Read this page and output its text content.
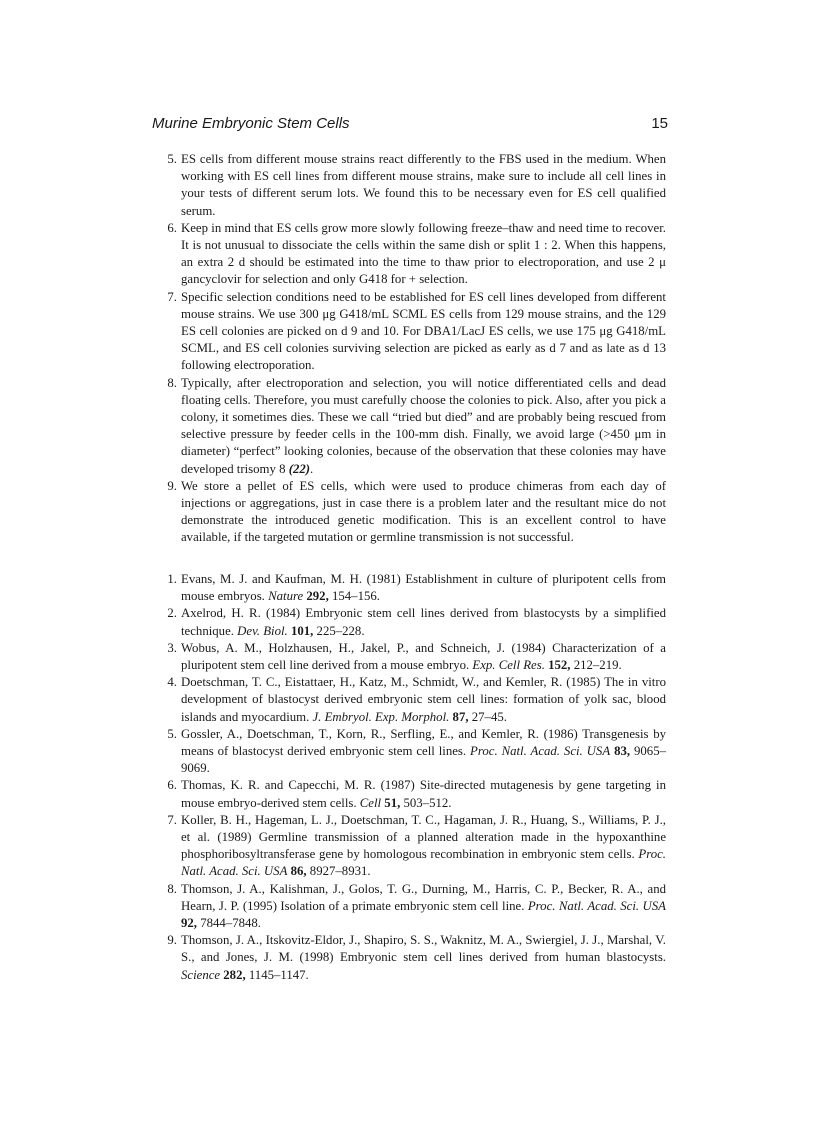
Murine Embryonic Stem Cells	15
5. ES cells from different mouse strains react differently to the FBS used in the medium. When working with ES cell lines from different mouse strains, make sure to include all cell lines in your tests of different serum lots. We found this to be necessary even for ES cell qualified serum.
6. Keep in mind that ES cells grow more slowly following freeze–thaw and need time to recover. It is not unusual to dissociate the cells within the same dish or split 1 : 2. When this happens, an extra 2 d should be estimated into the time to thaw prior to electroporation, and use 2 μ gancyclovir for selection and only G418 for + selection.
7. Specific selection conditions need to be established for ES cell lines developed from different mouse strains. We use 300 μg G418/mL SCML ES cells from 129 mouse strains, and the 129 ES cell colonies are picked on d 9 and 10. For DBA1/LacJ ES cells, we use 175 μg G418/mL SCML, and ES cell colonies surviving selection are picked as early as d 7 and as late as d 13 following electroporation.
8. Typically, after electroporation and selection, you will notice differentiated cells and dead floating cells. Therefore, you must carefully choose the colonies to pick. Also, after you pick a colony, it sometimes dies. These we call “tried but died” and are probably being rescued from selective pressure by feeder cells in the 100-mm dish. Finally, we avoid large (>450 μm in diameter) “perfect” looking colonies, because of the observation that these colonies may have developed trisomy 8 (22).
9. We store a pellet of ES cells, which were used to produce chimeras from each day of injections or aggregations, just in case there is a problem later and the resultant mice do not demonstrate the introduced genetic modification. This is an excellent control to have available, if the targeted mutation or germline transmission is not successful.
1. Evans, M. J. and Kaufman, M. H. (1981) Establishment in culture of pluripotent cells from mouse embryos. Nature 292, 154–156.
2. Axelrod, H. R. (1984) Embryonic stem cell lines derived from blastocysts by a simplified technique. Dev. Biol. 101, 225–228.
3. Wobus, A. M., Holzhausen, H., Jakel, P., and Schneich, J. (1984) Characterization of a pluripotent stem cell line derived from a mouse embryo. Exp. Cell Res. 152, 212–219.
4. Doetschman, T. C., Eistattaer, H., Katz, M., Schmidt, W., and Kemler, R. (1985) The in vitro development of blastocyst derived embryonic stem cell lines: formation of yolk sac, blood islands and myocardium. J. Embryol. Exp. Morphol. 87, 27–45.
5. Gossler, A., Doetschman, T., Korn, R., Serfling, E., and Kemler, R. (1986) Transgenesis by means of blastocyst derived embryonic stem cell lines. Proc. Natl. Acad. Sci. USA 83, 9065–9069.
6. Thomas, K. R. and Capecchi, M. R. (1987) Site-directed mutagenesis by gene targeting in mouse embryo-derived stem cells. Cell 51, 503–512.
7. Koller, B. H., Hageman, L. J., Doetschman, T. C., Hagaman, J. R., Huang, S., Williams, P. J., et al. (1989) Germline transmission of a planned alteration made in the hypoxanthine phosphoribosyltransferase gene by homologous recombination in embryonic stem cells. Proc. Natl. Acad. Sci. USA 86, 8927–8931.
8. Thomson, J. A., Kalishman, J., Golos, T. G., Durning, M., Harris, C. P., Becker, R. A., and Hearn, J. P. (1995) Isolation of a primate embryonic stem cell line. Proc. Natl. Acad. Sci. USA 92, 7844–7848.
9. Thomson, J. A., Itskovitz-Eldor, J., Shapiro, S. S., Waknitz, M. A., Swiergiel, J. J., Marshal, V. S., and Jones, J. M. (1998) Embryonic stem cell lines derived from human blastocysts. Science 282, 1145–1147.
